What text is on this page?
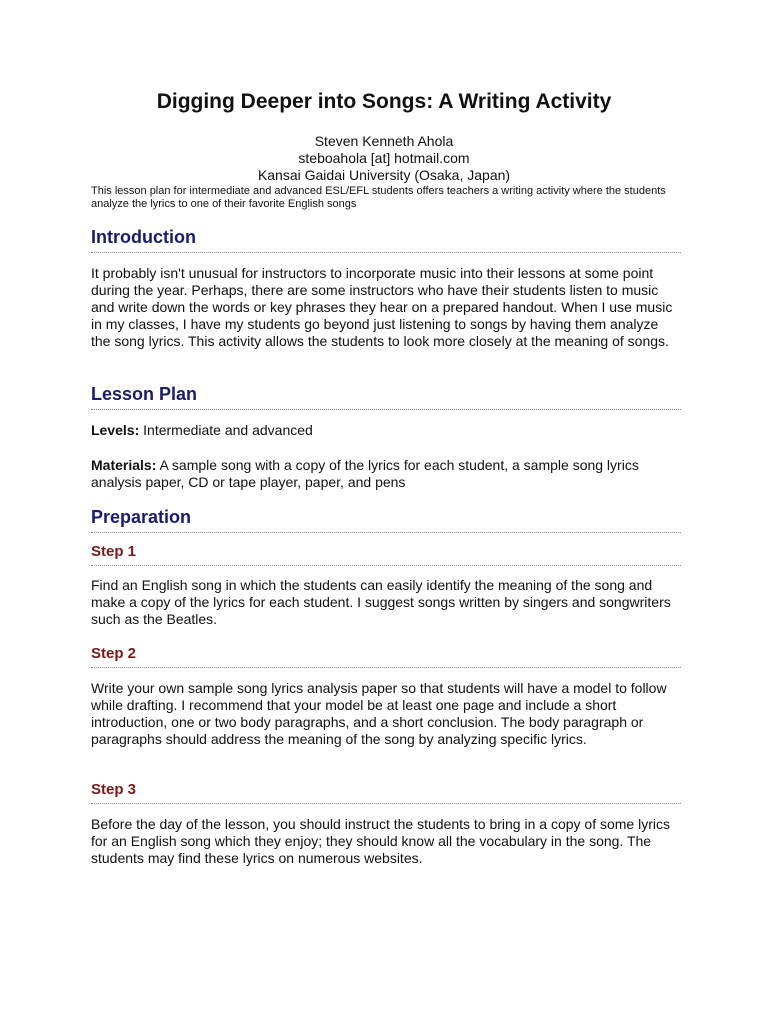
Digging Deeper into Songs: A Writing Activity

Steven Kenneth Ahola

steboahola [at] hotmail.com

Kansai Gaidai University (Osaka, Japan)

This lesson plan for intermediate and advanced ESL/EFL students offers teachers a writing activity where the students analyze the lyrics to one of their favorite English songs

Introduction

It probably isn't unusual for instructors to incorporate music into their lessons at some point during the year. Perhaps, there are some instructors who have their students listen to music and write down the words or key phrases they hear on a prepared handout. When I use music in my classes, I have my students go beyond just listening to songs by having them analyze the song lyrics. This activity allows the students to look more closely at the meaning of songs.

Lesson Plan

Levels: Intermediate and advanced

Materials: A sample song with a copy of the lyrics for each student, a sample song lyrics analysis paper, CD or tape player, paper, and pens

Preparation
Step 1

Find an English song in which the students can easily identify the meaning of the song and make a copy of the lyrics for each student. I suggest songs written by singers and songwriters such as the Beatles.

Step 2

Write your own sample song lyrics analysis paper so that students will have a model to follow while drafting. I recommend that your model be at least one page and include a short introduction, one or two body paragraphs, and a short conclusion. The body paragraph or paragraphs should address the meaning of the song by analyzing specific lyrics.

Step 3

Before the day of the lesson, you should instruct the students to bring in a copy of some lyrics for an English song which they enjoy; they should know all the vocabulary in the song. The students may find these lyrics on numerous websites.
